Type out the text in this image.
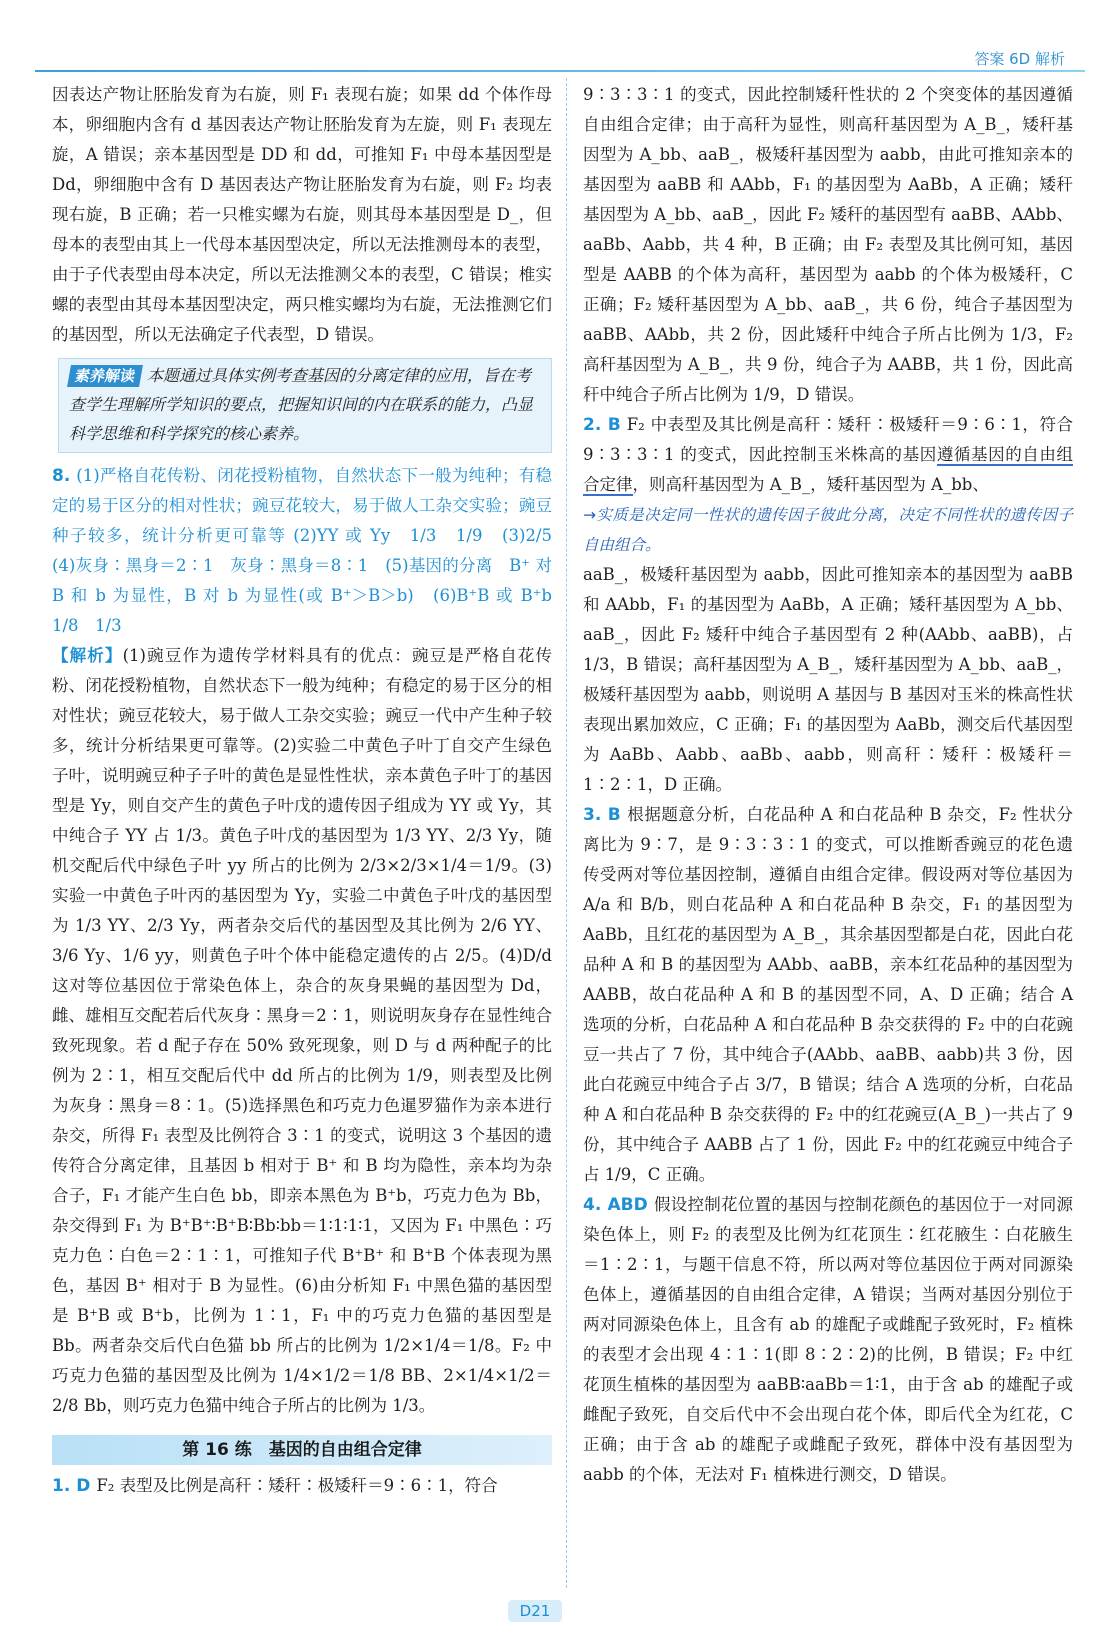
答案 6D 解析

因表达产物让胚胎发育为右旋，则 F₁ 表现右旋；如果 dd 个体作母本，卵细胞内含有 d 基因表达产物让胚胎发育为左旋，则 F₁ 表现左旋，A 错误；亲本基因型是 DD 和 dd，可推知 F₁ 中母本基因型是 Dd，卵细胞中含有 D 基因表达产物让胚胎发育为右旋，则 F₂ 均表现右旋，B 正确；若一只椎实螺为右旋，则其母本基因型是 D_，但母本的表型由其上一代母本基因型决定，所以无法推测母本的表型，由于子代表型由母本决定，所以无法推测父本的表型，C 错误；椎实螺的表型由其母本基因型决定，两只椎实螺均为右旋，无法推测它们的基因型，所以无法确定子代表型，D 错误。

素养解读 本题通过具体实例考查基因的分离定律的应用，旨在考查学生理解所学知识的要点，把握知识间的内在联系的能力，凸显科学思维和科学探究的核心素养。

8. (1)严格自花传粉、闭花授粉植物，自然状态下一般为纯种；有稳定的易于区分的相对性状；豌豆花较大，易于做人工杂交实验；豌豆种子较多，统计分析更可靠等 (2)YY 或 Yy　1/3　1/9　(3)2/5　(4)灰身∶黑身＝2∶1　灰身∶黑身＝8∶1　(5)基因的分离　B⁺ 对 B 和 b 为显性，B 对 b 为显性(或 B⁺＞B＞b)　(6)B⁺B 或 B⁺b　1/8　1/3

【解析】(1)豌豆作为遗传学材料具有的优点：豌豆是严格自花传粉、闭花授粉植物，自然状态下一般为纯种；有稳定的易于区分的相对性状；豌豆花较大，易于做人工杂交实验；豌豆一代中产生种子较多，统计分析结果更可靠等。(2)实验二中黄色子叶丁自交产生绿色子叶，说明豌豆种子子叶的黄色是显性性状，亲本黄色子叶丁的基因型是 Yy，则自交产生的黄色子叶戊的遗传因子组成为 YY 或 Yy，其中纯合子 YY 占 1/3。黄色子叶戊的基因型为 1/3 YY、2/3 Yy，随机交配后代中绿色子叶 yy 所占的比例为 2/3×2/3×1/4＝1/9。(3)实验一中黄色子叶丙的基因型为 Yy，实验二中黄色子叶戊的基因型为 1/3 YY、2/3 Yy，两者杂交后代的基因型及其比例为 2/6 YY、3/6 Yy、1/6 yy，则黄色子叶个体中能稳定遗传的占 2/5。(4)D/d 这对等位基因位于常染色体上，杂合的灰身果蝇的基因型为 Dd，雌、雄相互交配若后代灰身∶黑身＝2∶1，则说明灰身存在显性纯合致死现象。若 d 配子存在 50% 致死现象，则 D 与 d 两种配子的比例为 2∶1，相互交配后代中 dd 所占的比例为 1/9，则表型及比例为灰身∶黑身＝8∶1。(5)选择黑色和巧克力色暹罗猫作为亲本进行杂交，所得 F₁ 表型及比例符合 3∶1 的变式，说明这 3 个基因的遗传符合分离定律，且基因 b 相对于 B⁺ 和 B 均为隐性，亲本均为杂合子，F₁ 才能产生白色 bb，即亲本黑色为 B⁺b，巧克力色为 Bb，杂交得到 F₁ 为 B⁺B⁺∶B⁺B∶Bb∶bb＝1∶1∶1∶1，又因为 F₁ 中黑色∶巧克力色∶白色＝2∶1∶1，可推知子代 B⁺B⁺ 和 B⁺B 个体表现为黑色，基因 B⁺ 相对于 B 为显性。(6)由分析知 F₁ 中黑色猫的基因型是 B⁺B 或 B⁺b，比例为 1∶1，F₁ 中的巧克力色猫的基因型是 Bb。两者杂交后代白色猫 bb 所占的比例为 1/2×1/4＝1/8。F₂ 中巧克力色猫的基因型及比例为 1/4×1/2＝1/8 BB、2×1/4×1/2＝2/8 Bb，则巧克力色猫中纯合子所占的比例为 1/3。

第 16 练　基因的自由组合定律

1. D F₂ 表型及比例是高秆∶矮秆∶极矮秆＝9∶6∶1，符合

9∶3∶3∶1 的变式，因此控制矮秆性状的 2 个突变体的基因遵循自由组合定律；由于高秆为显性，则高秆基因型为 A_B_，矮秆基因型为 A_bb、aaB_，极矮秆基因型为 aabb，由此可推知亲本的基因型为 aaBB 和 AAbb，F₁ 的基因型为 AaBb，A 正确；矮秆基因型为 A_bb、aaB_，因此 F₂ 矮秆的基因型有 aaBB、AAbb、aaBb、Aabb，共 4 种，B 正确；由 F₂ 表型及其比例可知，基因型是 AABB 的个体为高秆，基因型为 aabb 的个体为极矮秆，C 正确；F₂ 矮秆基因型为 A_bb、aaB_，共 6 份，纯合子基因型为 aaBB、AAbb，共 2 份，因此矮秆中纯合子所占比例为 1/3，F₂ 高秆基因型为 A_B_，共 9 份，纯合子为 AABB，共 1 份，因此高秆中纯合子所占比例为 1/9，D 错误。

2. B F₂ 中表型及其比例是高秆∶矮秆∶极矮秆＝9∶6∶1，符合 9∶3∶3∶1 的变式，因此控制玉米株高的基因遵循基因的自由组合定律，则高秆基因型为 A_B_，矮秆基因型为 A_bb、

→实质是决定同一性状的遗传因子彼此分离，决定不同性状的遗传因子自由组合。

aaB_，极矮秆基因型为 aabb，因此可推知亲本的基因型为 aaBB 和 AAbb，F₁ 的基因型为 AaBb，A 正确；矮秆基因型为 A_bb、aaB_，因此 F₂ 矮秆中纯合子基因型有 2 种(AAbb、aaBB)，占 1/3，B 错误；高秆基因型为 A_B_，矮秆基因型为 A_bb、aaB_，极矮秆基因型为 aabb，则说明 A 基因与 B 基因对玉米的株高性状表现出累加效应，C 正确；F₁ 的基因型为 AaBb，测交后代基因型为 AaBb、Aabb、aaBb、aabb，则高秆∶矮秆∶极矮秆＝1∶2∶1，D 正确。

3. B 根据题意分析，白花品种 A 和白花品种 B 杂交，F₂ 性状分离比为 9∶7，是 9∶3∶3∶1 的变式，可以推断香豌豆的花色遗传受两对等位基因控制，遵循自由组合定律。假设两对等位基因为 A/a 和 B/b，则白花品种 A 和白花品种 B 杂交，F₁ 的基因型为 AaBb，且红花的基因型为 A_B_，其余基因型都是白花，因此白花品种 A 和 B 的基因型为 AAbb、aaBB，亲本红花品种的基因型为 AABB，故白花品种 A 和 B 的基因型不同，A、D 正确；结合 A 选项的分析，白花品种 A 和白花品种 B 杂交获得的 F₂ 中的白花豌豆一共占了 7 份，其中纯合子(AAbb、aaBB、aabb)共 3 份，因此白花豌豆中纯合子占 3/7，B 错误；结合 A 选项的分析，白花品种 A 和白花品种 B 杂交获得的 F₂ 中的红花豌豆(A_B_)一共占了 9 份，其中纯合子 AABB 占了 1 份，因此 F₂ 中的红花豌豆中纯合子占 1/9，C 正确。

4. ABD 假设控制花位置的基因与控制花颜色的基因位于一对同源染色体上，则 F₂ 的表型及比例为红花顶生∶红花腋生∶白花腋生＝1∶2∶1，与题干信息不符，所以两对等位基因位于两对同源染色体上，遵循基因的自由组合定律，A 错误；当两对基因分别位于两对同源染色体上，且含有 ab 的雄配子或雌配子致死时，F₂ 植株的表型才会出现 4∶1∶1(即 8∶2∶2)的比例，B 错误；F₂ 中红花顶生植株的基因型为 aaBB∶aaBb＝1∶1，由于含 ab 的雄配子或雌配子致死，自交后代中不会出现白花个体，即后代全为红花，C 正确；由于含 ab 的雄配子或雌配子致死，群体中没有基因型为 aabb 的个体，无法对 F₁ 植株进行测交，D 错误。

D21
